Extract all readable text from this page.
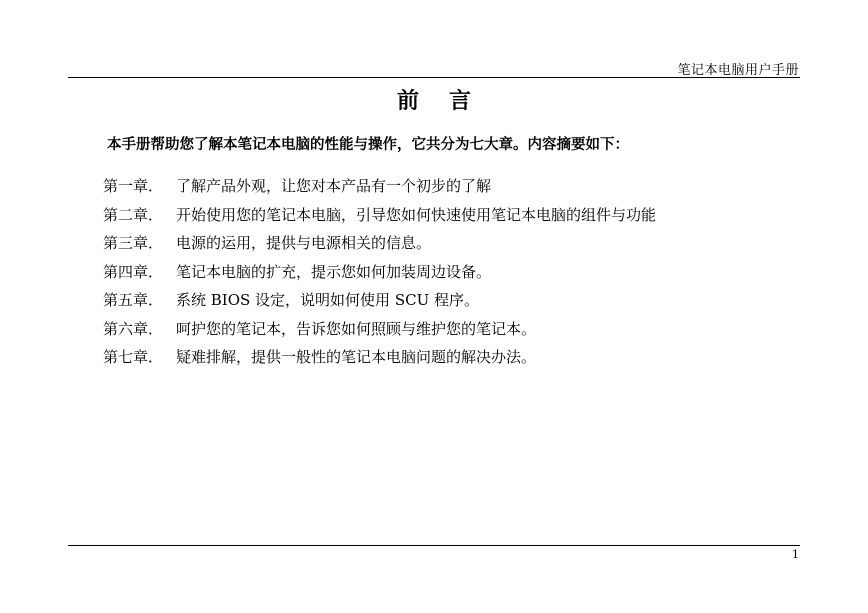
笔记本电脑用户手册
前言
本手册帮助您了解本笔记本电脑的性能与操作，它共分为七大章。内容摘要如下：
第一章． 了解产品外观，让您对本产品有一个初步的了解
第二章． 开始使用您的笔记本电脑，引导您如何快速使用笔记本电脑的组件与功能
第三章． 电源的运用，提供与电源相关的信息。
第四章． 笔记本电脑的扩充，提示您如何加装周边设备。
第五章． 系统 BIOS 设定，说明如何使用 SCU 程序。
第六章． 呵护您的笔记本，告诉您如何照顾与维护您的笔记本。
第七章． 疑难排解，提供一般性的笔记本电脑问题的解决办法。
1
